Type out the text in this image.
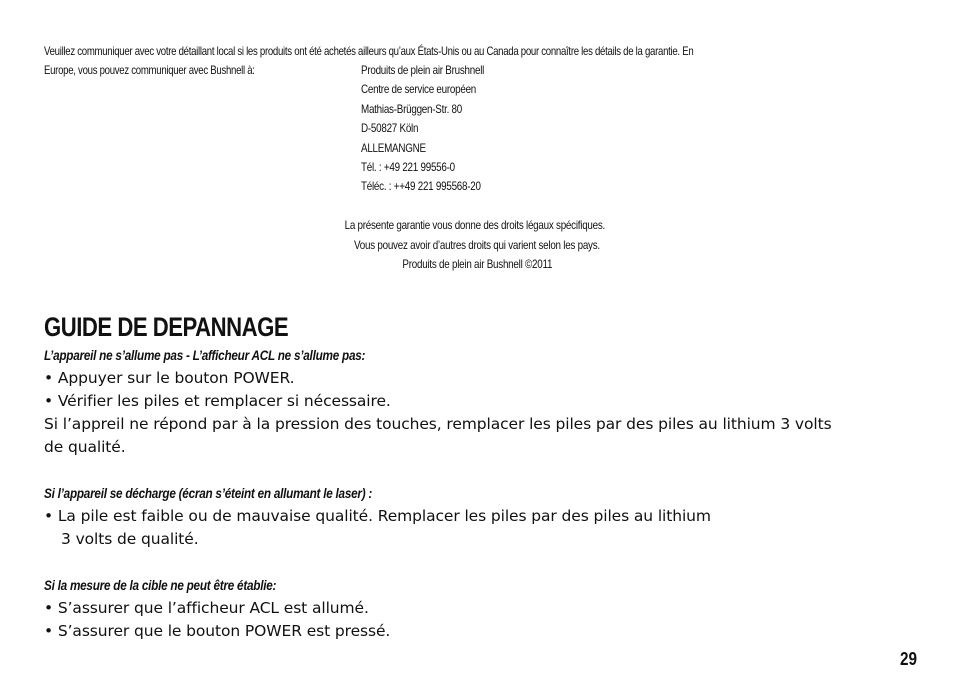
Veuillez communiquer avec votre détaillant local si les produits ont été achetés ailleurs qu’aux États-Unis ou au Canada pour connaître les détails de la garantie. En
Europe, vous pouvez communiquer avec Bushnell à:	Produits de plein air Brushnell
Centre de service européen
Mathias-Brüggen-Str. 80
D-50827 Köln
ALLEMANGNE
Tél. : +49 221 99556-0
Téléc. : ++49 221 995568-20
La présente garantie vous donne des droits légaux spécifiques.
Vous pouvez avoir d’autres droits qui varient selon les pays.
Produits de plein air Bushnell ©2011
GUIDE DE DEPANNAGE
L’appareil ne s’allume pas - L’afficheur ACL ne s’allume pas:
• Appuyer sur le bouton POWER.
• Vérifier les piles et remplacer si nécessaire.
Si l’appreil ne répond par à la pression des touches, remplacer les piles par des piles au lithium 3 volts
de qualité.
Si l’appareil se décharge (écran s’éteint en allumant le laser) :
• La pile est faible ou de mauvaise qualité. Remplacer les piles par des piles au lithium
3 volts de qualité.
Si la mesure de la cible ne peut être établie:
• S’assurer que l’afficheur ACL est allumé.
• S’assurer que le bouton POWER est pressé.
29
